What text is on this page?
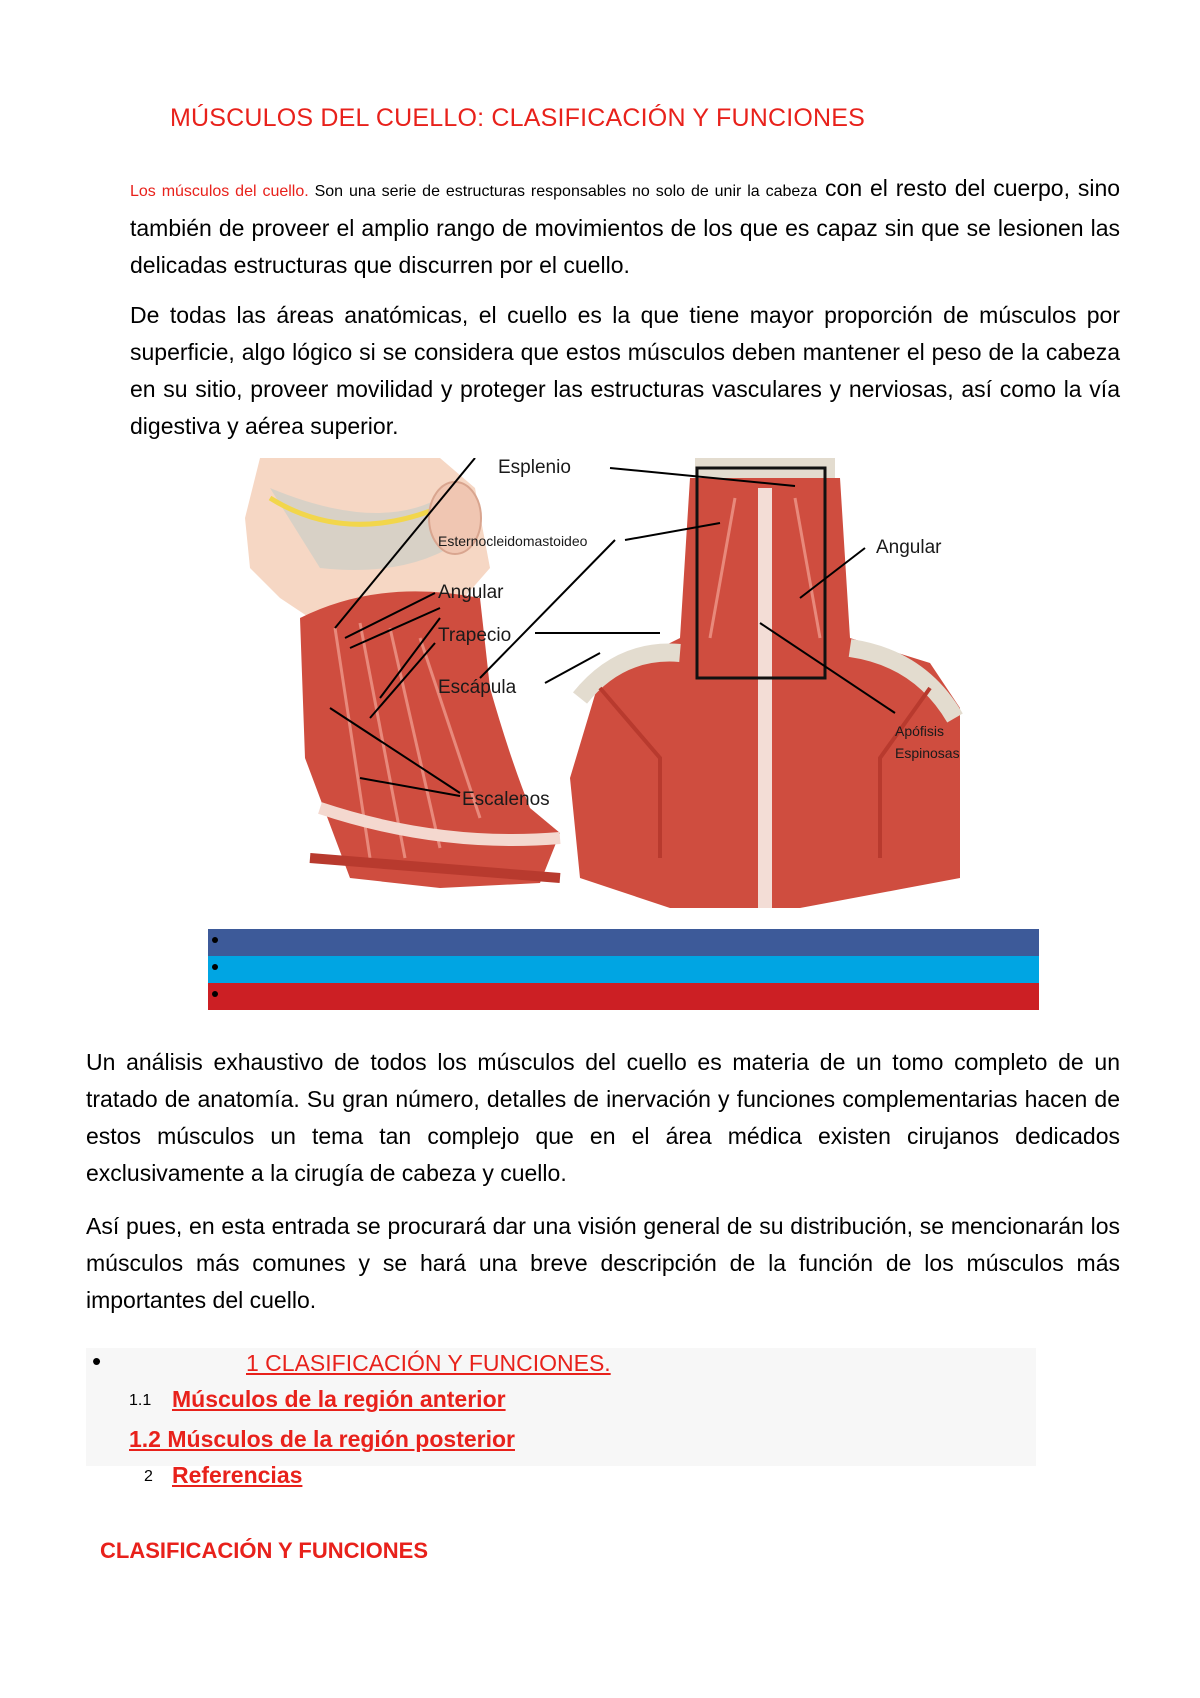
MÚSCULOS DEL CUELLO: CLASIFICACIÓN Y FUNCIONES
Los músculos del cuello. Son una serie de estructuras responsables no solo de unir la cabeza con el resto del cuerpo, sino también de proveer el amplio rango de movimientos de los que es capaz sin que se lesionen las delicadas estructuras que discurren por el cuello.
De todas las áreas anatómicas, el cuello es la que tiene mayor proporción de músculos por superficie, algo lógico si se considera que estos músculos deben mantener el peso de la cabeza en su sitio, proveer movilidad y proteger las estructuras vasculares y nerviosas, así como la vía digestiva y aérea superior.
Esplenio
Esternocleidomastoideo
Angular
Trapecio
Escápula
Escalenos
Angular
Apófisis
Espinosas
Un análisis exhaustivo de todos los músculos del cuello es materia de un tomo completo de un tratado de anatomía. Su gran número, detalles de inervación y funciones complementarias hacen de estos músculos un tema tan complejo que en el área médica existen cirujanos dedicados exclusivamente a la cirugía de cabeza y cuello.
Así pues, en esta entrada se procurará dar una visión general de su distribución, se mencionarán los músculos más comunes y se hará una breve descripción de la función de los músculos más importantes del cuello.
•	1 CLASIFICACIÓN Y FUNCIONES.
1.1 Músculos de la región anterior
1.2 Músculos de la región posterior
2 Referencias
CLASIFICACIÓN Y FUNCIONES
